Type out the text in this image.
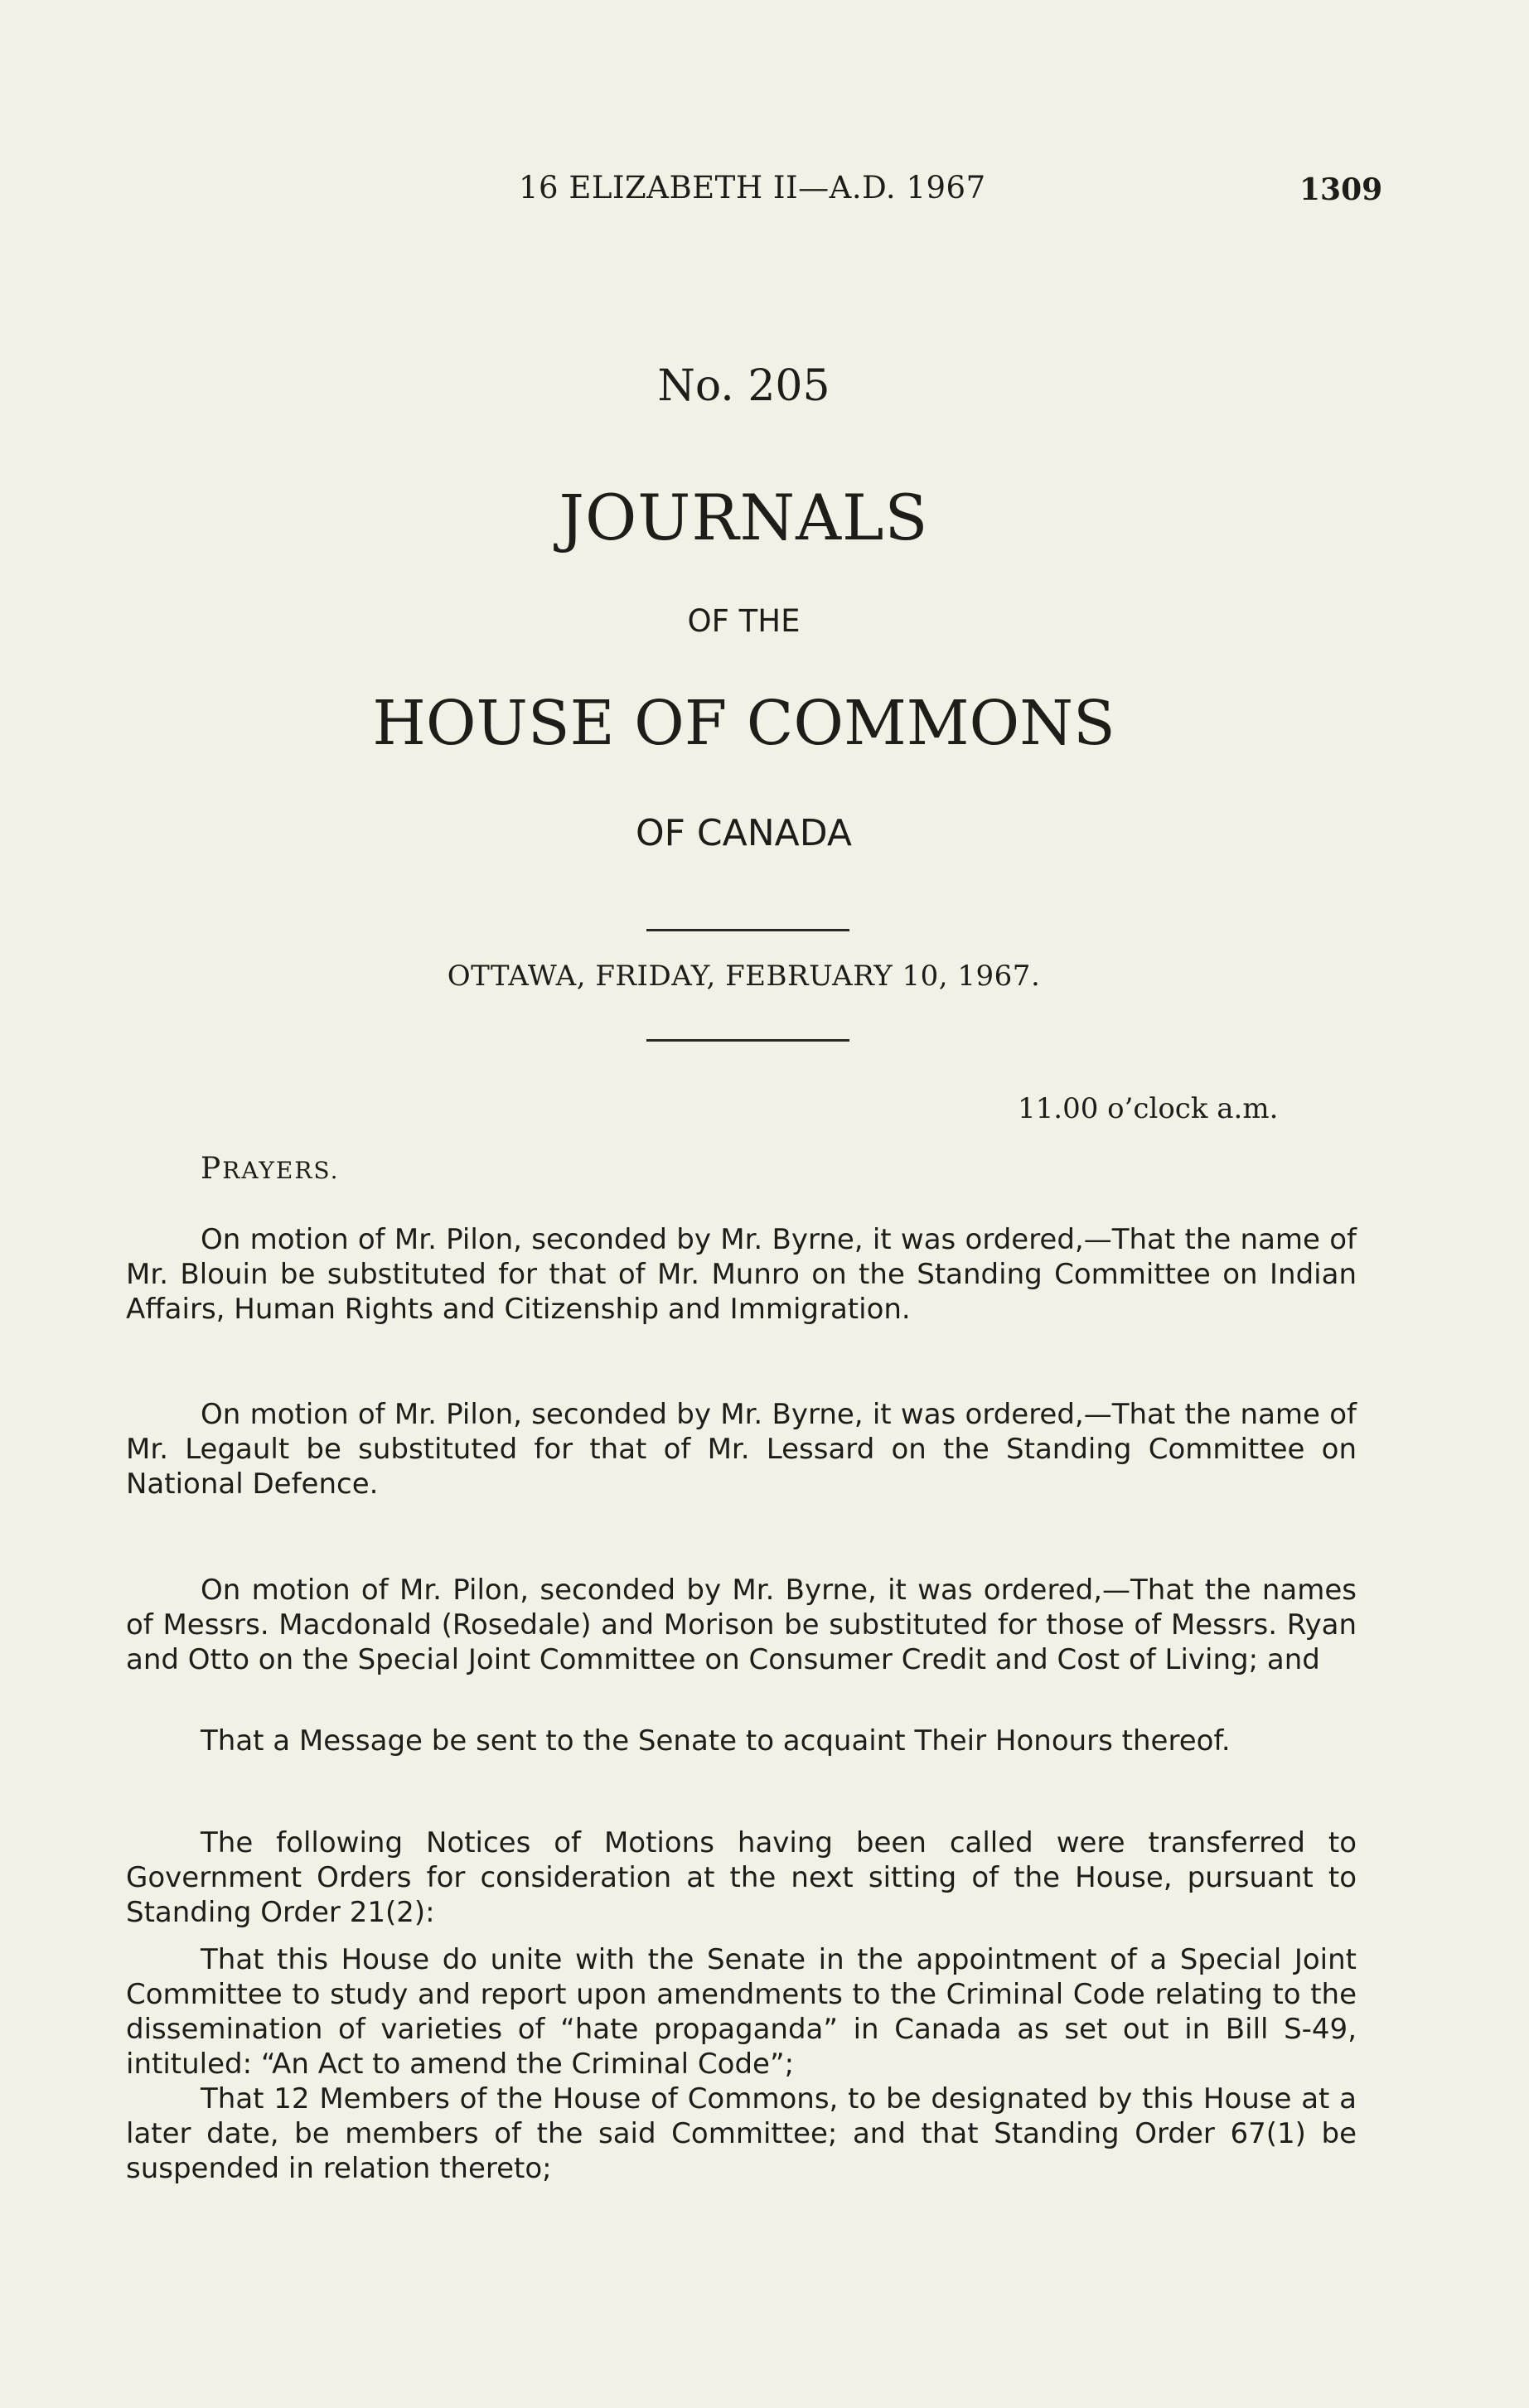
16 ELIZABETH II—A.D. 1967	1309
No. 205
JOURNALS
OF THE
HOUSE OF COMMONS
OF CANADA
OTTAWA, FRIDAY, FEBRUARY 10, 1967.
11.00 o’clock a.m.
PRAYERS.
On motion of Mr. Pilon, seconded by Mr. Byrne, it was ordered,—That the name of Mr. Blouin be substituted for that of Mr. Munro on the Standing Committee on Indian Affairs, Human Rights and Citizenship and Immigration.
On motion of Mr. Pilon, seconded by Mr. Byrne, it was ordered,—That the name of Mr. Legault be substituted for that of Mr. Lessard on the Standing Committee on National Defence.
On motion of Mr. Pilon, seconded by Mr. Byrne, it was ordered,—That the names of Messrs. Macdonald (Rosedale) and Morison be substituted for those of Messrs. Ryan and Otto on the Special Joint Committee on Consumer Credit and Cost of Living; and
That a Message be sent to the Senate to acquaint Their Honours thereof.
The following Notices of Motions having been called were transferred to Government Orders for consideration at the next sitting of the House, pursuant to Standing Order 21(2):
That this House do unite with the Senate in the appointment of a Special Joint Committee to study and report upon amendments to the Criminal Code relating to the dissemination of varieties of “hate propaganda” in Canada as set out in Bill S-49, intituled: “An Act to amend the Criminal Code”;
That 12 Members of the House of Commons, to be designated by this House at a later date, be members of the said Committee; and that Standing Order 67(1) be suspended in relation thereto;
